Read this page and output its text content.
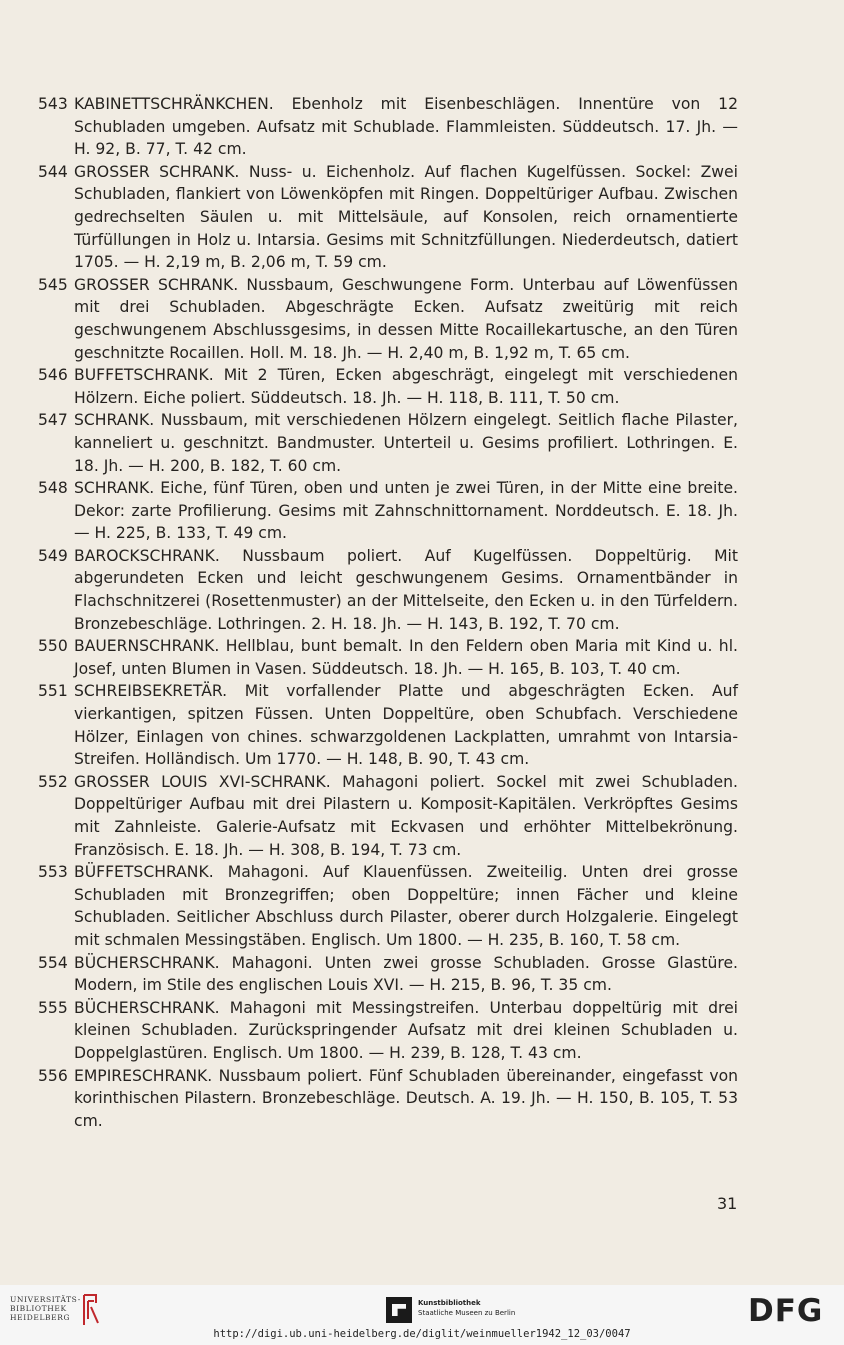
543 KABINETTSCHRÄNKCHEN. Ebenholz mit Eisenbeschlägen. Innentüre von 12 Schubladen umgeben. Aufsatz mit Schublade. Flammleisten. Süddeutsch. 17. Jh. — H. 92, B. 77, T. 42 cm.

544 GROSSER SCHRANK. Nuss- u. Eichenholz. Auf flachen Kugelfüssen. Sockel: Zwei Schubladen, flankiert von Löwenköpfen mit Ringen. Doppeltüriger Aufbau. Zwischen gedrechselten Säulen u. mit Mittelsäule, auf Konsolen, reich ornamentierte Türfüllungen in Holz u. Intarsia. Gesims mit Schnitzfüllungen. Niederdeutsch, datiert 1705. — H. 2,19 m, B. 2,06 m, T. 59 cm.

545 GROSSER SCHRANK. Nussbaum, Geschwungene Form. Unterbau auf Löwenfüssen mit drei Schubladen. Abgeschrägte Ecken. Aufsatz zweitürig mit reich geschwungenem Abschlussgesims, in dessen Mitte Rocaillekartusche, an den Türen geschnitzte Rocaillen. Holl. M. 18. Jh. — H. 2,40 m, B. 1,92 m, T. 65 cm.

546 BUFFETSCHRANK. Mit 2 Türen, Ecken abgeschrägt, eingelegt mit verschiedenen Hölzern. Eiche poliert. Süddeutsch. 18. Jh. — H. 118, B. 111, T. 50 cm.

547 SCHRANK. Nussbaum, mit verschiedenen Hölzern eingelegt. Seitlich flache Pilaster, kanneliert u. geschnitzt. Bandmuster. Unterteil u. Gesims profiliert. Lothringen. E. 18. Jh. — H. 200, B. 182, T. 60 cm.

548 SCHRANK. Eiche, fünf Türen, oben und unten je zwei Türen, in der Mitte eine breite. Dekor: zarte Profilierung. Gesims mit Zahnschnittornament. Norddeutsch. E. 18. Jh. — H. 225, B. 133, T. 49 cm.

549 BAROCKSCHRANK. Nussbaum poliert. Auf Kugelfüssen. Doppeltürig. Mit abgerundeten Ecken und leicht geschwungenem Gesims. Ornamentbänder in Flachschnitzerei (Rosettenmuster) an der Mittelseite, den Ecken u. in den Türfeldern. Bronzebeschläge. Lothringen. 2. H. 18. Jh. — H. 143, B. 192, T. 70 cm.

550 BAUERNSCHRANK. Hellblau, bunt bemalt. In den Feldern oben Maria mit Kind u. hl. Josef, unten Blumen in Vasen. Süddeutsch. 18. Jh. — H. 165, B. 103, T. 40 cm.

551 SCHREIBSEKRETÄR. Mit vorfallender Platte und abgeschrägten Ecken. Auf vierkantigen, spitzen Füssen. Unten Doppeltüre, oben Schubfach. Verschiedene Hölzer, Einlagen von chines. schwarzgoldenen Lackplatten, umrahmt von Intarsia-Streifen. Holländisch. Um 1770. — H. 148, B. 90, T. 43 cm.

552 GROSSER LOUIS XVI-SCHRANK. Mahagoni poliert. Sockel mit zwei Schubladen. Doppeltüriger Aufbau mit drei Pilastern u. Komposit-Kapitälen. Verkröpftes Gesims mit Zahnleiste. Galerie-Aufsatz mit Eckvasen und erhöhter Mittelbekrönung. Französisch. E. 18. Jh. — H. 308, B. 194, T. 73 cm.

553 BÜFFETSCHRANK. Mahagoni. Auf Klauenfüssen. Zweiteilig. Unten drei grosse Schubladen mit Bronzegriffen; oben Doppeltüre; innen Fächer und kleine Schubladen. Seitlicher Abschluss durch Pilaster, oberer durch Holzgalerie. Eingelegt mit schmalen Messingstäben. Englisch. Um 1800. — H. 235, B. 160, T. 58 cm.

554 BÜCHERSCHRANK. Mahagoni. Unten zwei grosse Schubladen. Grosse Glastüre. Modern, im Stile des englischen Louis XVI. — H. 215, B. 96, T. 35 cm.

555 BÜCHERSCHRANK. Mahagoni mit Messingstreifen. Unterbau doppeltürig mit drei kleinen Schubladen. Zurückspringender Aufsatz mit drei kleinen Schubladen u. Doppelglastüren. Englisch. Um 1800. — H. 239, B. 128, T. 43 cm.

556 EMPIRESCHRANK. Nussbaum poliert. Fünf Schubladen übereinander, eingefasst von korinthischen Pilastern. Bronzebeschläge. Deutsch. A. 19. Jh. — H. 150, B. 105, T. 53 cm.

31
UNIVERSITÄTS-
BIBLIOTHEK
HEIDELBERG
Kunstbibliothek
Staatliche Museen zu Berlin	DFG
http://digi.ub.uni-heidelberg.de/diglit/weinmueller1942_12_03/0047
